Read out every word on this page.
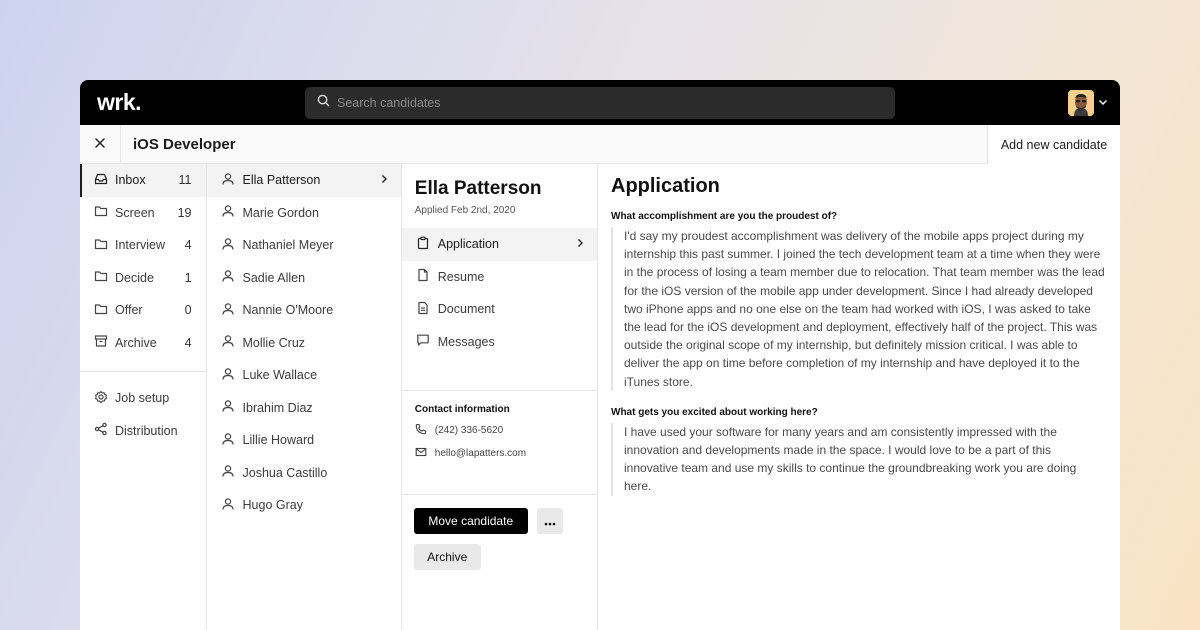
wrk.
Search candidates
iOS Developer	Add new candidate
Inbox	11
Screen 19
Interview 4
Decide 1
Offer	0
Archive 4
Job setup
Distribution
Ella Patterson
Marie Gordon
Nathaniel Meyer
Sadie Allen
Nannie O'Moore
Mollie Cruz
Luke Wallace
Ibrahim Diaz
Lillie Howard
Joshua Castillo
Hugo Gray
Ella Patterson
Applied Feb 2nd, 2020
Application
Resume
Document
Messages
Contact information
(242) 336-5620
hello@lapatters.com
Move candidate
Archive
Application
What accomplishment are you the proudest of?
I'd say my proudest accomplishment was delivery of the mobile apps project during my internship this past summer. I joined the tech development team at a time when they were in the process of losing a team member due to relocation. That team member was the lead for the iOS version of the mobile app under development. Since I had already developed two iPhone apps and no one else on the team had worked with iOS, I was asked to take the lead for the iOS development and deployment, effectively half of the project. This was outside the original scope of my internship, but definitely mission critical. I was able to deliver the app on time before completion of my internship and have deployed it to the iTunes store.
What gets you excited about working here?
I have used your software for many years and am consistently impressed with the innovation and developments made in the space. I would love to be a part of this innovative team and use my skills to continue the groundbreaking work you are doing here.
